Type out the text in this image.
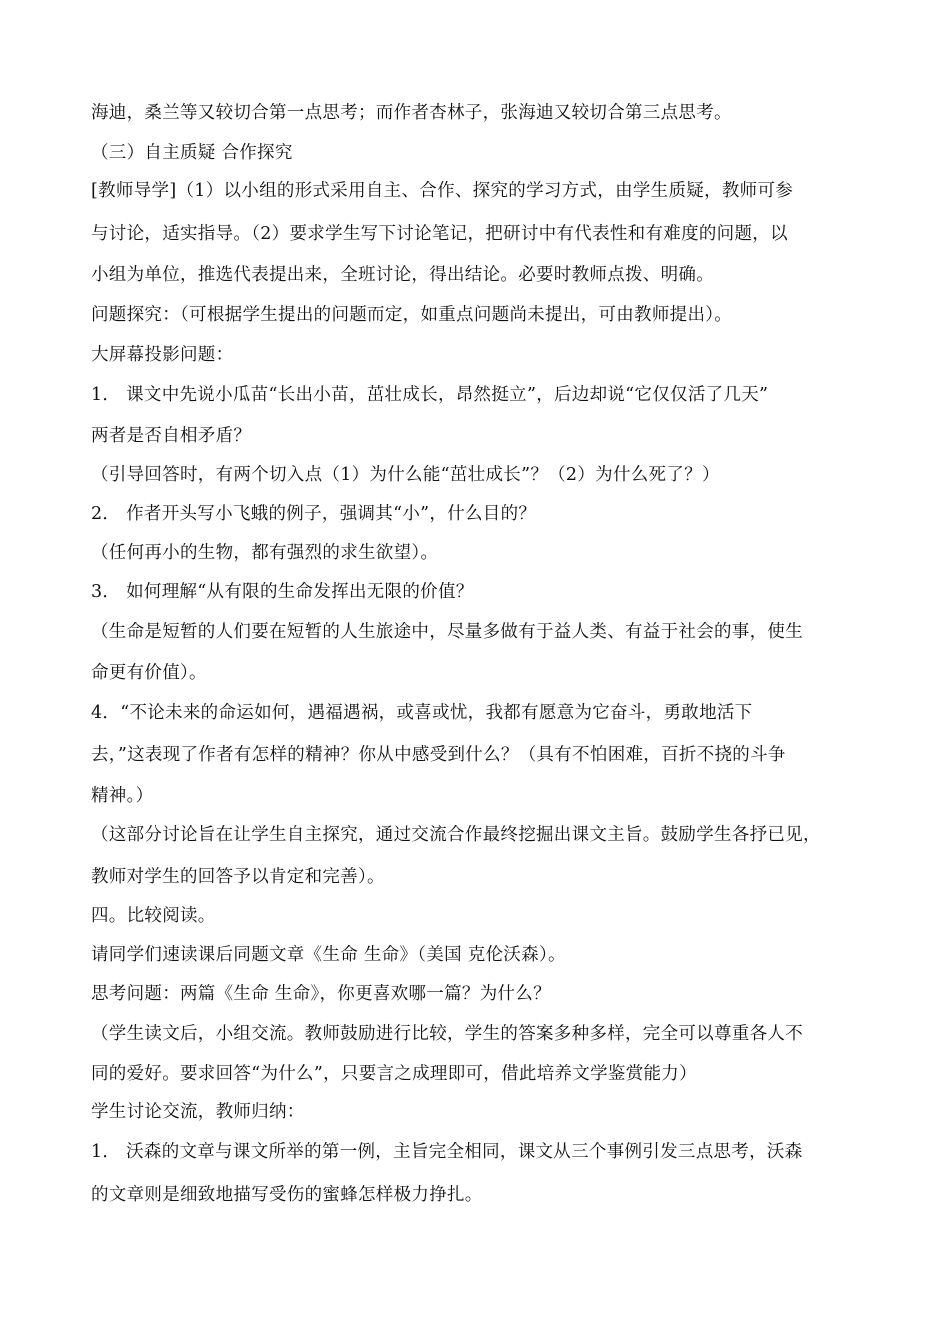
海迪，桑兰等又较切合第一点思考；而作者杏林子，张海迪又较切合第三点思考。
（三）自主质疑 合作探究
[教师导学]（1）以小组的形式采用自主、合作、探究的学习方式，由学生质疑，教师可参
与讨论，适实指导。（2）要求学生写下讨论笔记，把研讨中有代表性和有难度的问题，以
小组为单位，推选代表提出来，全班讨论，得出结论。必要时教师点拨、明确。
问题探究：（可根据学生提出的问题而定，如重点问题尚未提出，可由教师提出）。
大屏幕投影问题：
1． 课文中先说小瓜苗“长出小苗，茁壮成长，昂然挺立”，后边却说“它仅仅活了几天”
两者是否自相矛盾？
（引导回答时，有两个切入点（1）为什么能“茁壮成长”？（2）为什么死了？）
2． 作者开头写小飞蛾的例子，强调其“小”，什么目的？
（任何再小的生物，都有强烈的求生欲望）。
3． 如何理解“从有限的生命发挥出无限的价值？
（生命是短暂的人们要在短暂的人生旅途中，尽量多做有于益人类、有益于社会的事，使生
命更有价值）。
4．“不论未来的命运如何，遇福遇祸，或喜或忧，我都有愿意为它奋斗，勇敢地活下
去，”这表现了作者有怎样的精神？你从中感受到什么？（具有不怕困难，百折不挠的斗争
精神。）
（这部分讨论旨在让学生自主探究，通过交流合作最终挖掘出课文主旨。鼓励学生各抒已见，
教师对学生的回答予以肯定和完善）。
四。比较阅读。
请同学们速读课后同题文章《生命 生命》（美国 克伦沃森）。
思考问题：两篇《生命 生命》，你更喜欢哪一篇？为什么？
（学生读文后，小组交流。教师鼓励进行比较，学生的答案多种多样，完全可以尊重各人不
同的爱好。要求回答“为什么”，只要言之成理即可，借此培养文学鉴赏能力）
学生讨论交流，教师归纳：
1． 沃森的文章与课文所举的第一例，主旨完全相同，课文从三个事例引发三点思考，沃森
的文章则是细致地描写受伤的蜜蜂怎样极力挣扎。
